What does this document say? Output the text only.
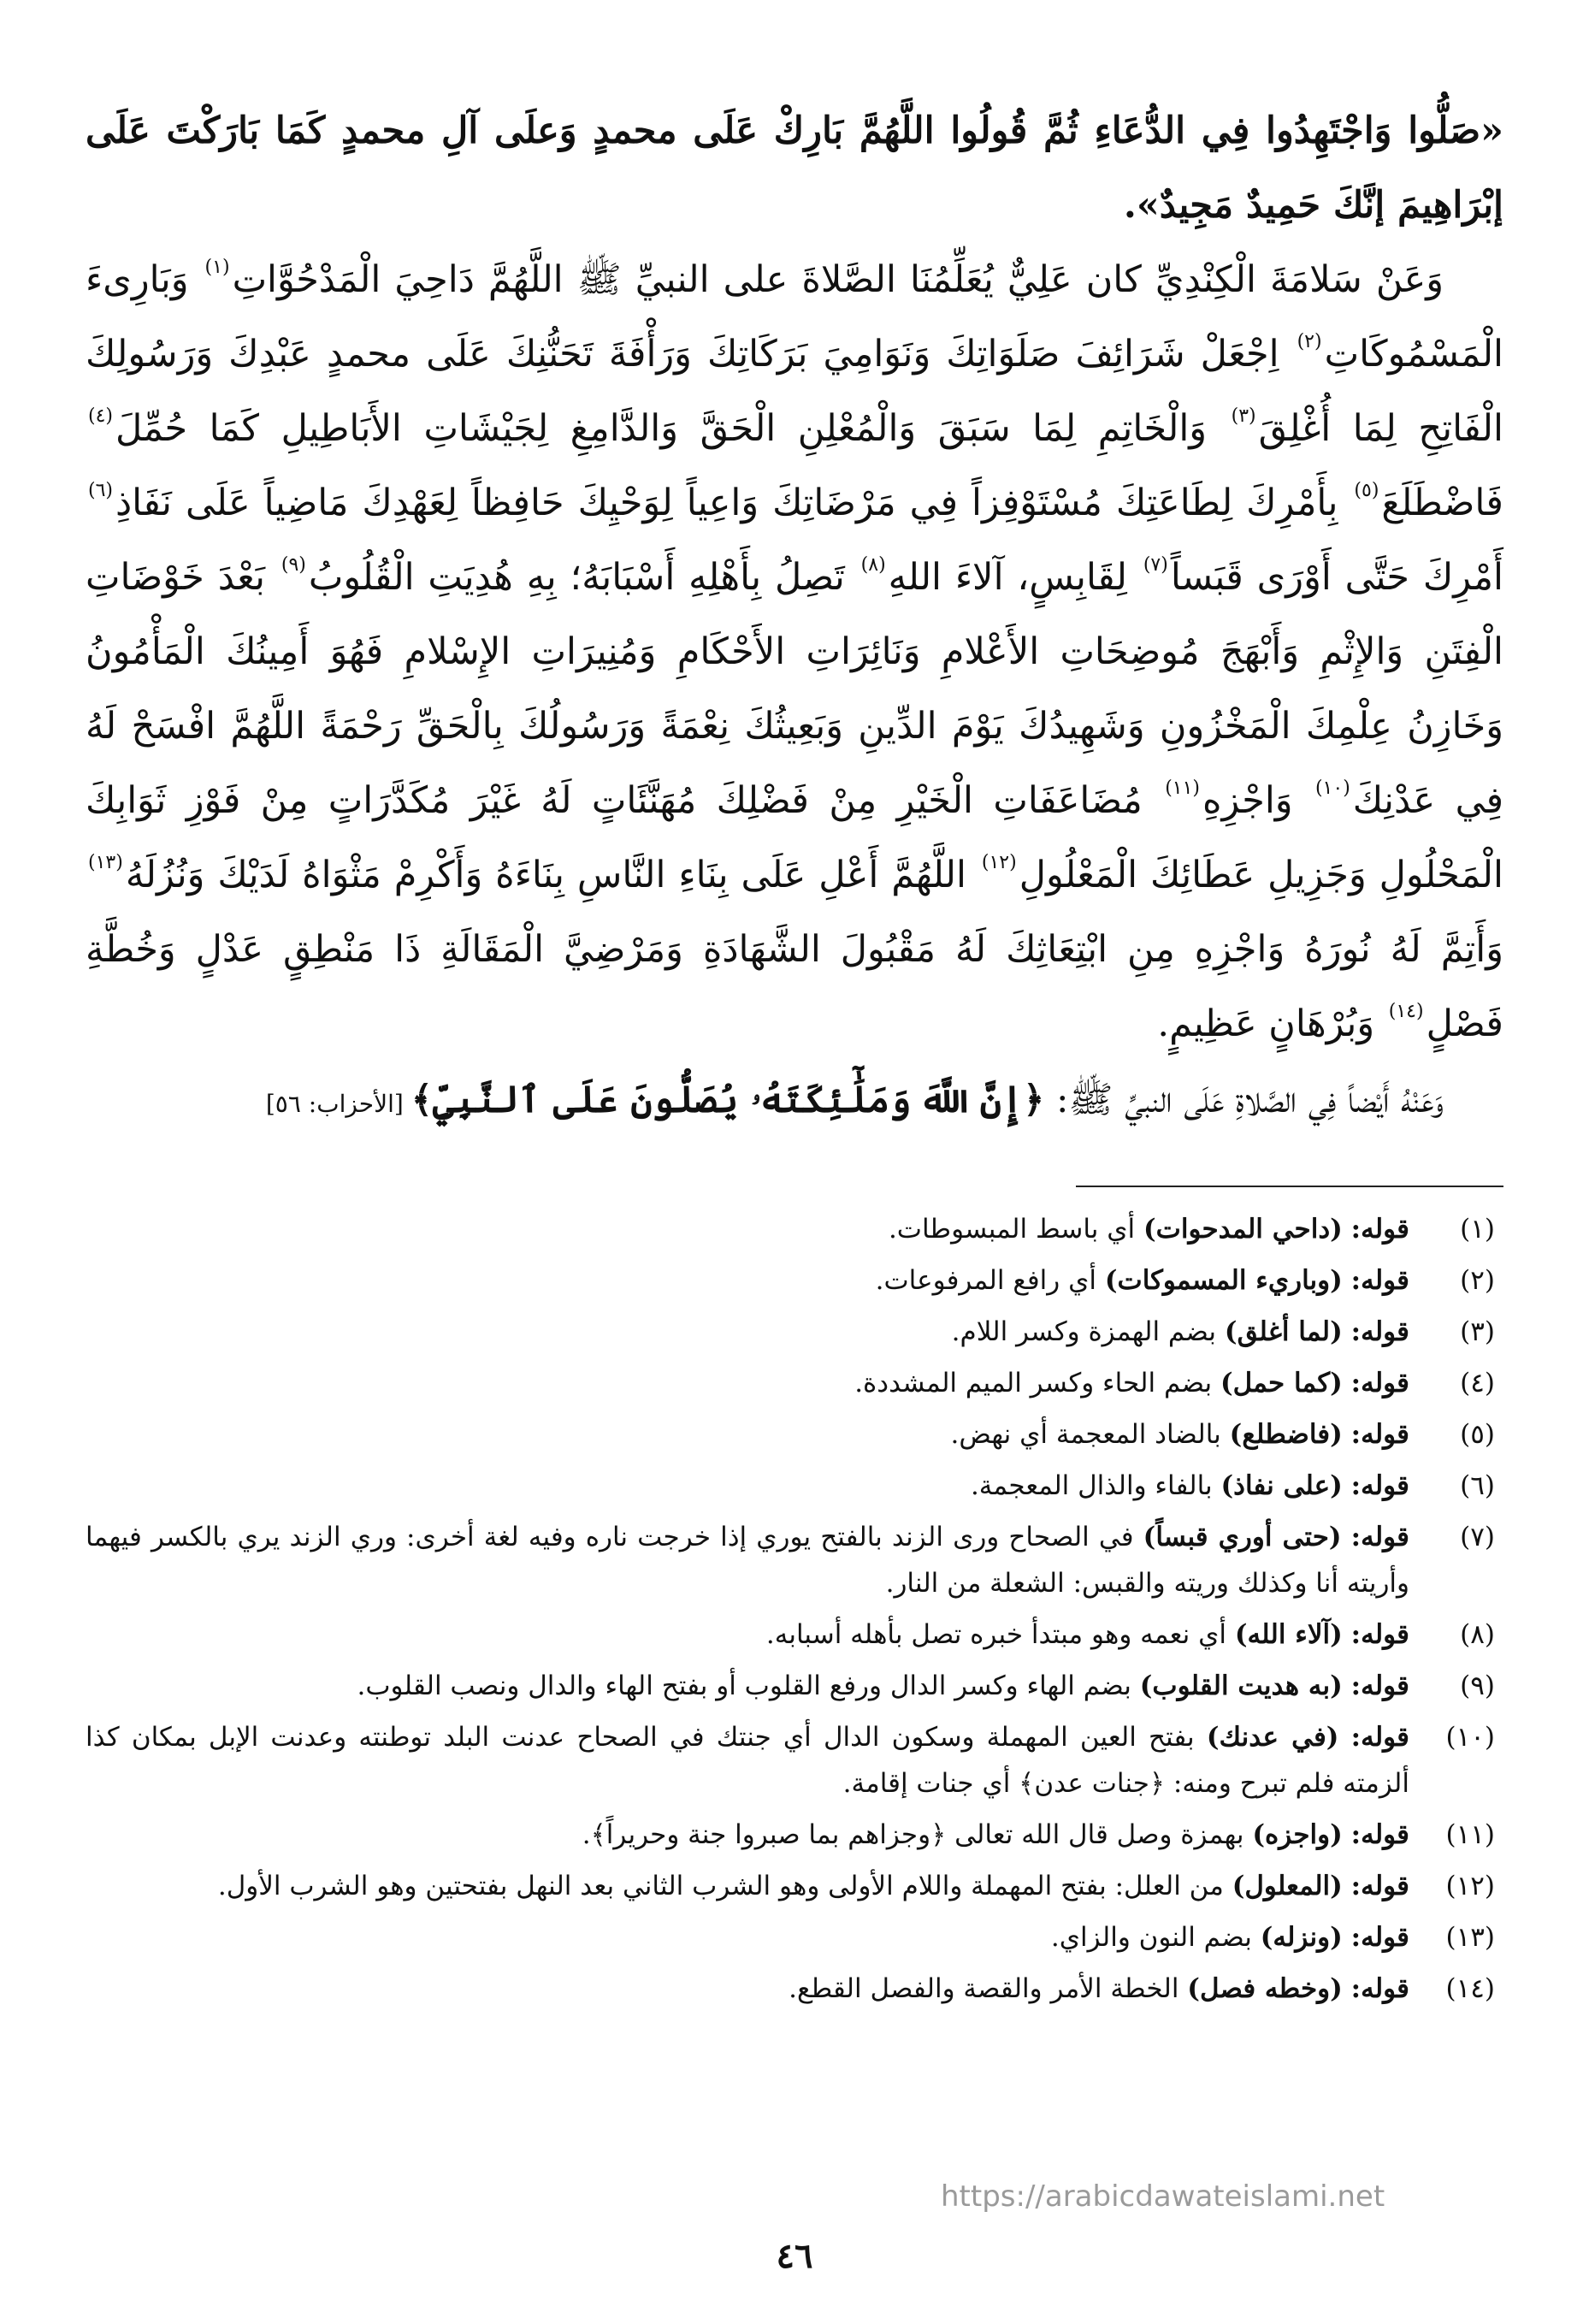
«صَلُّوا وَاجْتَهِدُوا فِي الدُّعَاءِ ثُمَّ قُولُوا اللَّهُمَّ بَارِكْ عَلَى محمدٍ وَعلَى آلِ محمدٍ كَمَا بَارَكْتَ عَلَى إبْرَاهِيمَ إنَّكَ حَمِيدٌ مَجِيدٌ».

وَعَنْ سَلامَةَ الْكِنْدِيِّ كان عَلِيٌّ يُعَلِّمُنَا الصَّلاةَ على النبيِّ ﷺ اللَّهُمَّ دَاحِيَ الْمَدْحُوَّاتِ$^{(١)}$ وَبَارِىءَ الْمَسْمُوكَاتِ$^{(٢)}$ اِجْعَلْ شَرَائِفَ صَلَوَاتِكَ وَنَوَامِيَ بَرَكَاتِكَ وَرَأْفَةَ تَحَنُّنِكَ عَلَى محمدٍ عَبْدِكَ وَرَسُولِكَ الْفَاتِحِ لِمَا أُغْلِقَ$^{(٣)}$ وَالْخَاتِمِ لِمَا سَبَقَ وَالْمُعْلِنِ الْحَقَّ وَالدَّامِغِ لِجَيْشَاتِ الأَبَاطِيلِ كَمَا حُمِّلَ$^{(٤)}$ فَاضْطَلَعَ$^{(٥)}$ بِأَمْرِكَ لِطَاعَتِكَ مُسْتَوْفِزاً فِي مَرْضَاتِكَ وَاعِياً لِوَحْيِكَ حَافِظاً لِعَهْدِكَ مَاضِياً عَلَى نَفَاذِ$^{(٦)}$ أَمْرِكَ حَتَّى أَوْرَى قَبَساً$^{(٧)}$ لِقَابِسٍ، آلاءَ اللهِ$^{(٨)}$ تَصِلُ بِأَهْلِهِ أَسْبَابَهُ؛ بِهِ هُدِيَتِ الْقُلُوبُ$^{(٩)}$ بَعْدَ خَوْضَاتِ الْفِتَنِ وَالإِثْمِ وَأَبْهَجَ مُوضِحَاتِ الأَعْلامِ وَنَائِرَاتِ الأَحْكَامِ وَمُنِيرَاتِ الإِسْلامِ فَهُوَ أَمِينُكَ الْمَأْمُونُ وَخَازِنُ عِلْمِكَ الْمَخْزُونِ وَشَهِيدُكَ يَوْمَ الدِّينِ وَبَعِيثُكَ نِعْمَةً وَرَسُولُكَ بِالْحَقِّ رَحْمَةً اللَّهُمَّ افْسَحْ لَهُ فِي عَدْنِكَ$^{(١٠)}$ وَاجْزِهِ$^{(١١)}$ مُضَاعَفَاتِ الْخَيْرِ مِنْ فَضْلِكَ مُهَنَّئَاتٍ لَهُ غَيْرَ مُكَدَّرَاتٍ مِنْ فَوْزِ ثَوَابِكَ الْمَحْلُولِ وَجَزِيلِ عَطَائِكَ الْمَعْلُولِ$^{(١٢)}$ اللَّهُمَّ أَعْلِ عَلَى بِنَاءِ النَّاسِ بِنَاءَهُ وَأَكْرِمْ مَثْوَاهُ لَدَيْكَ وَنُزُلَهُ$^{(١٣)}$ وَأَتِمَّ لَهُ نُورَهُ وَاجْزِهِ مِنِ ابْتِعَاثِكَ لَهُ مَقْبُولَ الشَّهَادَةِ وَمَرْضِيَّ الْمَقَالَةِ ذَا مَنْطِقٍ عَدْلٍ وَخُطَّةِ فَصْلٍ$^{(١٤)}$ وَبُرْهَانٍ عَظِيمٍ.

وَعَنْهُ أَيْضاً فِي الصَّلاةِ عَلَى النبيِّ ﷺ: ﴿إِنَّ اللَّهَ وَمَلَٰٓئِكَتَهُۥ يُصَلُّونَ عَلَى ٱلنَّبِيِّ﴾ [الأحزاب: ٥٦]

(١)
قوله: (داحي المدحوات) أي باسط المبسوطات.
(٢)
قوله: (وباريء المسموكات) أي رافع المرفوعات.
(٣)
قوله: (لما أغلق) بضم الهمزة وكسر اللام.
(٤)
قوله: (كما حمل) بضم الحاء وكسر الميم المشددة.
(٥)
قوله: (فاضطلع) بالضاد المعجمة أي نهض.
(٦)
قوله: (على نفاذ) بالفاء والذال المعجمة.
(٧)
قوله: (حتى أوري قبساً) في الصحاح ورى الزند بالفتح يوري إذا خرجت ناره وفيه لغة أخرى: وري الزند يري بالكسر فيهما وأريته أنا وكذلك وريته والقبس: الشعلة من النار.
(٨)
قوله: (آلاء الله) أي نعمه وهو مبتدأ خبره تصل بأهله أسبابه.
(٩)
قوله: (به هديت القلوب) بضم الهاء وكسر الدال ورفع القلوب أو بفتح الهاء والدال ونصب القلوب.
(١٠)
قوله: (في عدنك) بفتح العين المهملة وسكون الدال أي جنتك في الصحاح عدنت البلد توطنته وعدنت الإبل بمكان كذا ألزمته فلم تبرح ومنه: ﴿جنات عدن﴾ أي جنات إقامة.
(١١)
قوله: (واجزه) بهمزة وصل قال الله تعالى ﴿وجزاهم بما صبروا جنة وحريراً﴾.
(١٢)
قوله: (المعلول) من العلل: بفتح المهملة واللام الأولى وهو الشرب الثاني بعد النهل بفتحتين وهو الشرب الأول.
(١٣)
قوله: (ونزله) بضم النون والزاي.
(١٤)
قوله: (وخطه فصل) الخطة الأمر والقصة والفصل القطع.
https://arabicdawateislami.net
٤٦
